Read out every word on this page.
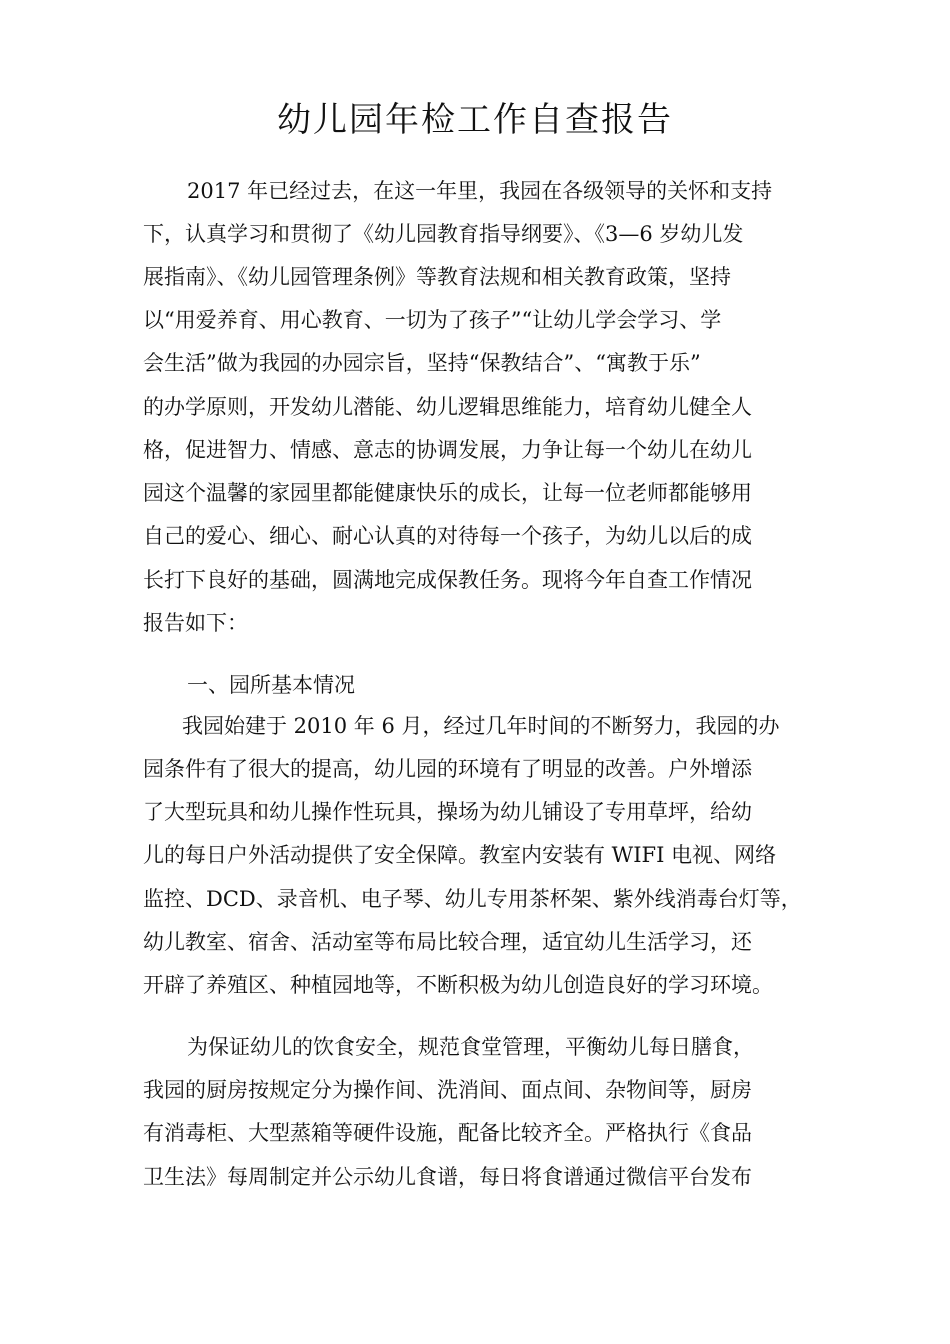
幼儿园年检工作自查报告
2017 年已经过去，在这一年里，我园在各级领导的关怀和支持
下，认真学习和贯彻了《幼儿园教育指导纲要》、《3—6 岁幼儿发
展指南》、《幼儿园管理条例》等教育法规和相关教育政策，坚持
以“用爱养育、用心教育、一切为了孩子”“让幼儿学会学习、学
会生活”做为我园的办园宗旨，坚持“保教结合”、“寓教于乐”
的办学原则，开发幼儿潜能、幼儿逻辑思维能力，培育幼儿健全人
格，促进智力、情感、意志的协调发展，力争让每一个幼儿在幼儿
园这个温馨的家园里都能健康快乐的成长，让每一位老师都能够用
自己的爱心、细心、耐心认真的对待每一个孩子，为幼儿以后的成
长打下良好的基础，圆满地完成保教任务。现将今年自查工作情况
报告如下：
一、园所基本情况
我园始建于 2010 年 6 月，经过几年时间的不断努力，我园的办
园条件有了很大的提高，幼儿园的环境有了明显的改善。户外增添
了大型玩具和幼儿操作性玩具，操场为幼儿铺设了专用草坪，给幼
儿的每日户外活动提供了安全保障。教室内安装有 WIFI 电视、网络
监控、DCD、录音机、电子琴、幼儿专用茶杯架、紫外线消毒台灯等，
幼儿教室、宿舍、活动室等布局比较合理，适宜幼儿生活学习，还
开辟了养殖区、种植园地等，不断积极为幼儿创造良好的学习环境。
为保证幼儿的饮食安全，规范食堂管理，平衡幼儿每日膳食，
我园的厨房按规定分为操作间、洗消间、面点间、杂物间等，厨房
有消毒柜、大型蒸箱等硬件设施，配备比较齐全。严格执行《食品
卫生法》每周制定并公示幼儿食谱，每日将食谱通过微信平台发布
